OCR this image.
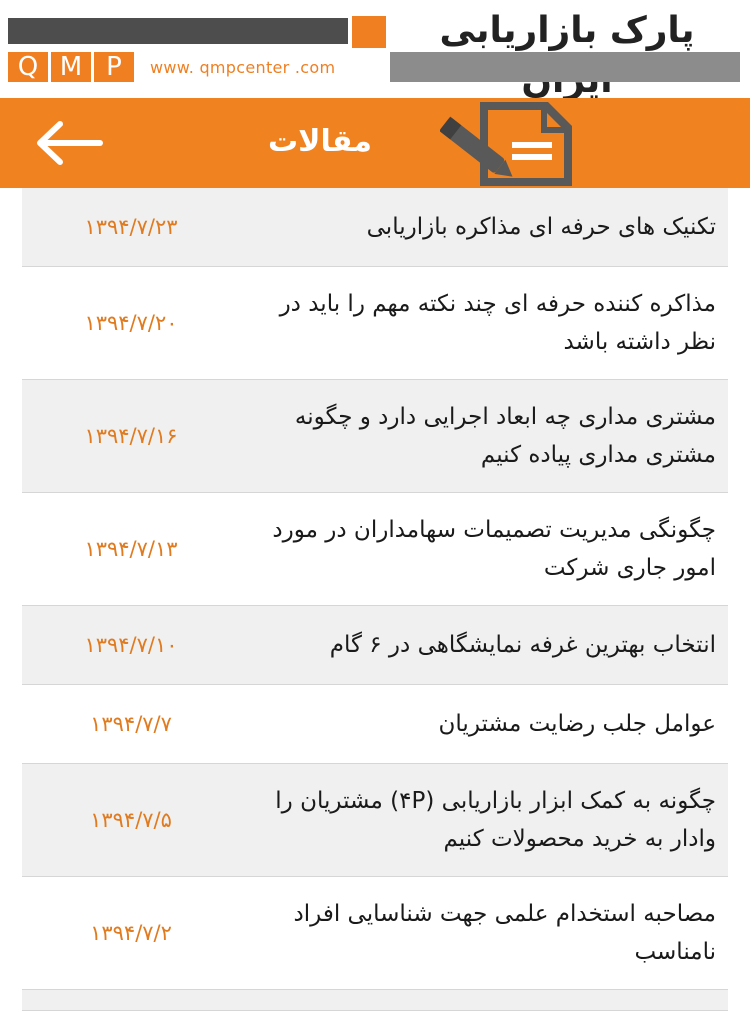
پارک بازاریابی
Q M P	www. qmpcenter .com
مقالات
تکنیک های حرفه ای مذاکره بازاریابی
۱۳۹۴/۷/۲۳
مذاکره کننده حرفه ای چند نکته مهم را باید در نظر داشته باشد
۱۳۹۴/۷/۲۰
مشتری مداری چه ابعاد اجرایی دارد و چگونه مشتری مداری پیاده کنیم
۱۳۹۴/۷/۱۶
چگونگی مدیریت تصمیمات سهامداران در مورد امور جاری شرکت
۱۳۹۴/۷/۱۳
انتخاب بهترین غرفه نمایشگاهی در ۶ گام
۱۳۹۴/۷/۱۰
عوامل جلب رضایت مشتریان
۱۳۹۴/۷/۷
چگونه به کمک ابزار بازاریابی (۴P) مشتریان را وادار به خرید محصولات کنیم
۱۳۹۴/۷/۵
مصاحبه استخدام علمی جهت شناسایی افراد نامناسب
۱۳۹۴/۷/۲
